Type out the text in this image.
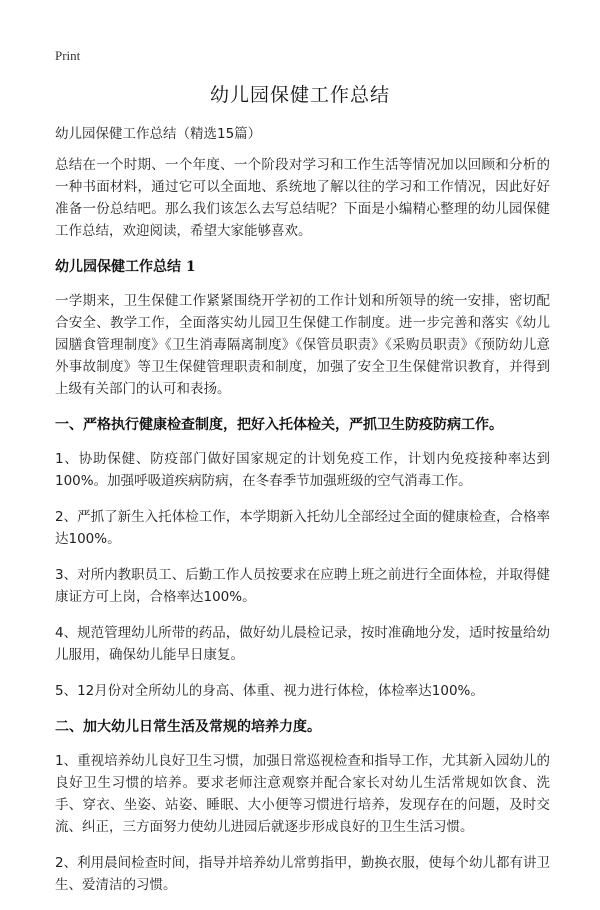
Print
幼儿园保健工作总结

幼儿园保健工作总结（精选15篇）

总结在一个时期、一个年度、一个阶段对学习和工作生活等情况加以回顾和分析的一种书面材料，通过它可以全面地、系统地了解以往的学习和工作情况，因此好好准备一份总结吧。那么我们该怎么去写总结呢？下面是小编精心整理的幼儿园保健工作总结，欢迎阅读，希望大家能够喜欢。

幼儿园保健工作总结 1

一学期来，卫生保健工作紧紧围绕开学初的工作计划和所领导的统一安排，密切配合安全、教学工作，全面落实幼儿园卫生保健工作制度。进一步完善和落实《幼儿园膳食管理制度》《卫生消毒隔离制度》《保管员职责》《采购员职责》《预防幼儿意外事故制度》等卫生保健管理职责和制度，加强了安全卫生保健常识教育，并得到上级有关部门的认可和表扬。

一、严格执行健康检查制度，把好入托体检关，严抓卫生防疫防病工作。

1、协助保健、防疫部门做好国家规定的计划免疫工作，计划内免疫接种率达到100%。加强呼吸道疾病防病，在冬春季节加强班级的空气消毒工作。

2、严抓了新生入托体检工作，本学期新入托幼儿全部经过全面的健康检查，合格率达100%。

3、对所内教职员工、后勤工作人员按要求在应聘上班之前进行全面体检，并取得健康证方可上岗，合格率达100%。

4、规范管理幼儿所带的药品，做好幼儿晨检记录，按时准确地分发，适时按量给幼儿服用，确保幼儿能早日康复。

5、12月份对全所幼儿的身高、体重、视力进行体检，体检率达100%。

二、加大幼儿日常生活及常规的培养力度。

1、重视培养幼儿良好卫生习惯，加强日常巡视检查和指导工作，尤其新入园幼儿的良好卫生习惯的培养。要求老师注意观察并配合家长对幼儿生活常规如饮食、洗手、穿衣、坐姿、站姿、睡眠、大小便等习惯进行培养，发现存在的问题，及时交流、纠正，三方面努力使幼儿进园后就逐步形成良好的卫生生活习惯。

2、利用晨间检查时间，指导并培养幼儿常剪指甲，勤换衣服，使每个幼儿都有讲卫生、爱清洁的习惯。
